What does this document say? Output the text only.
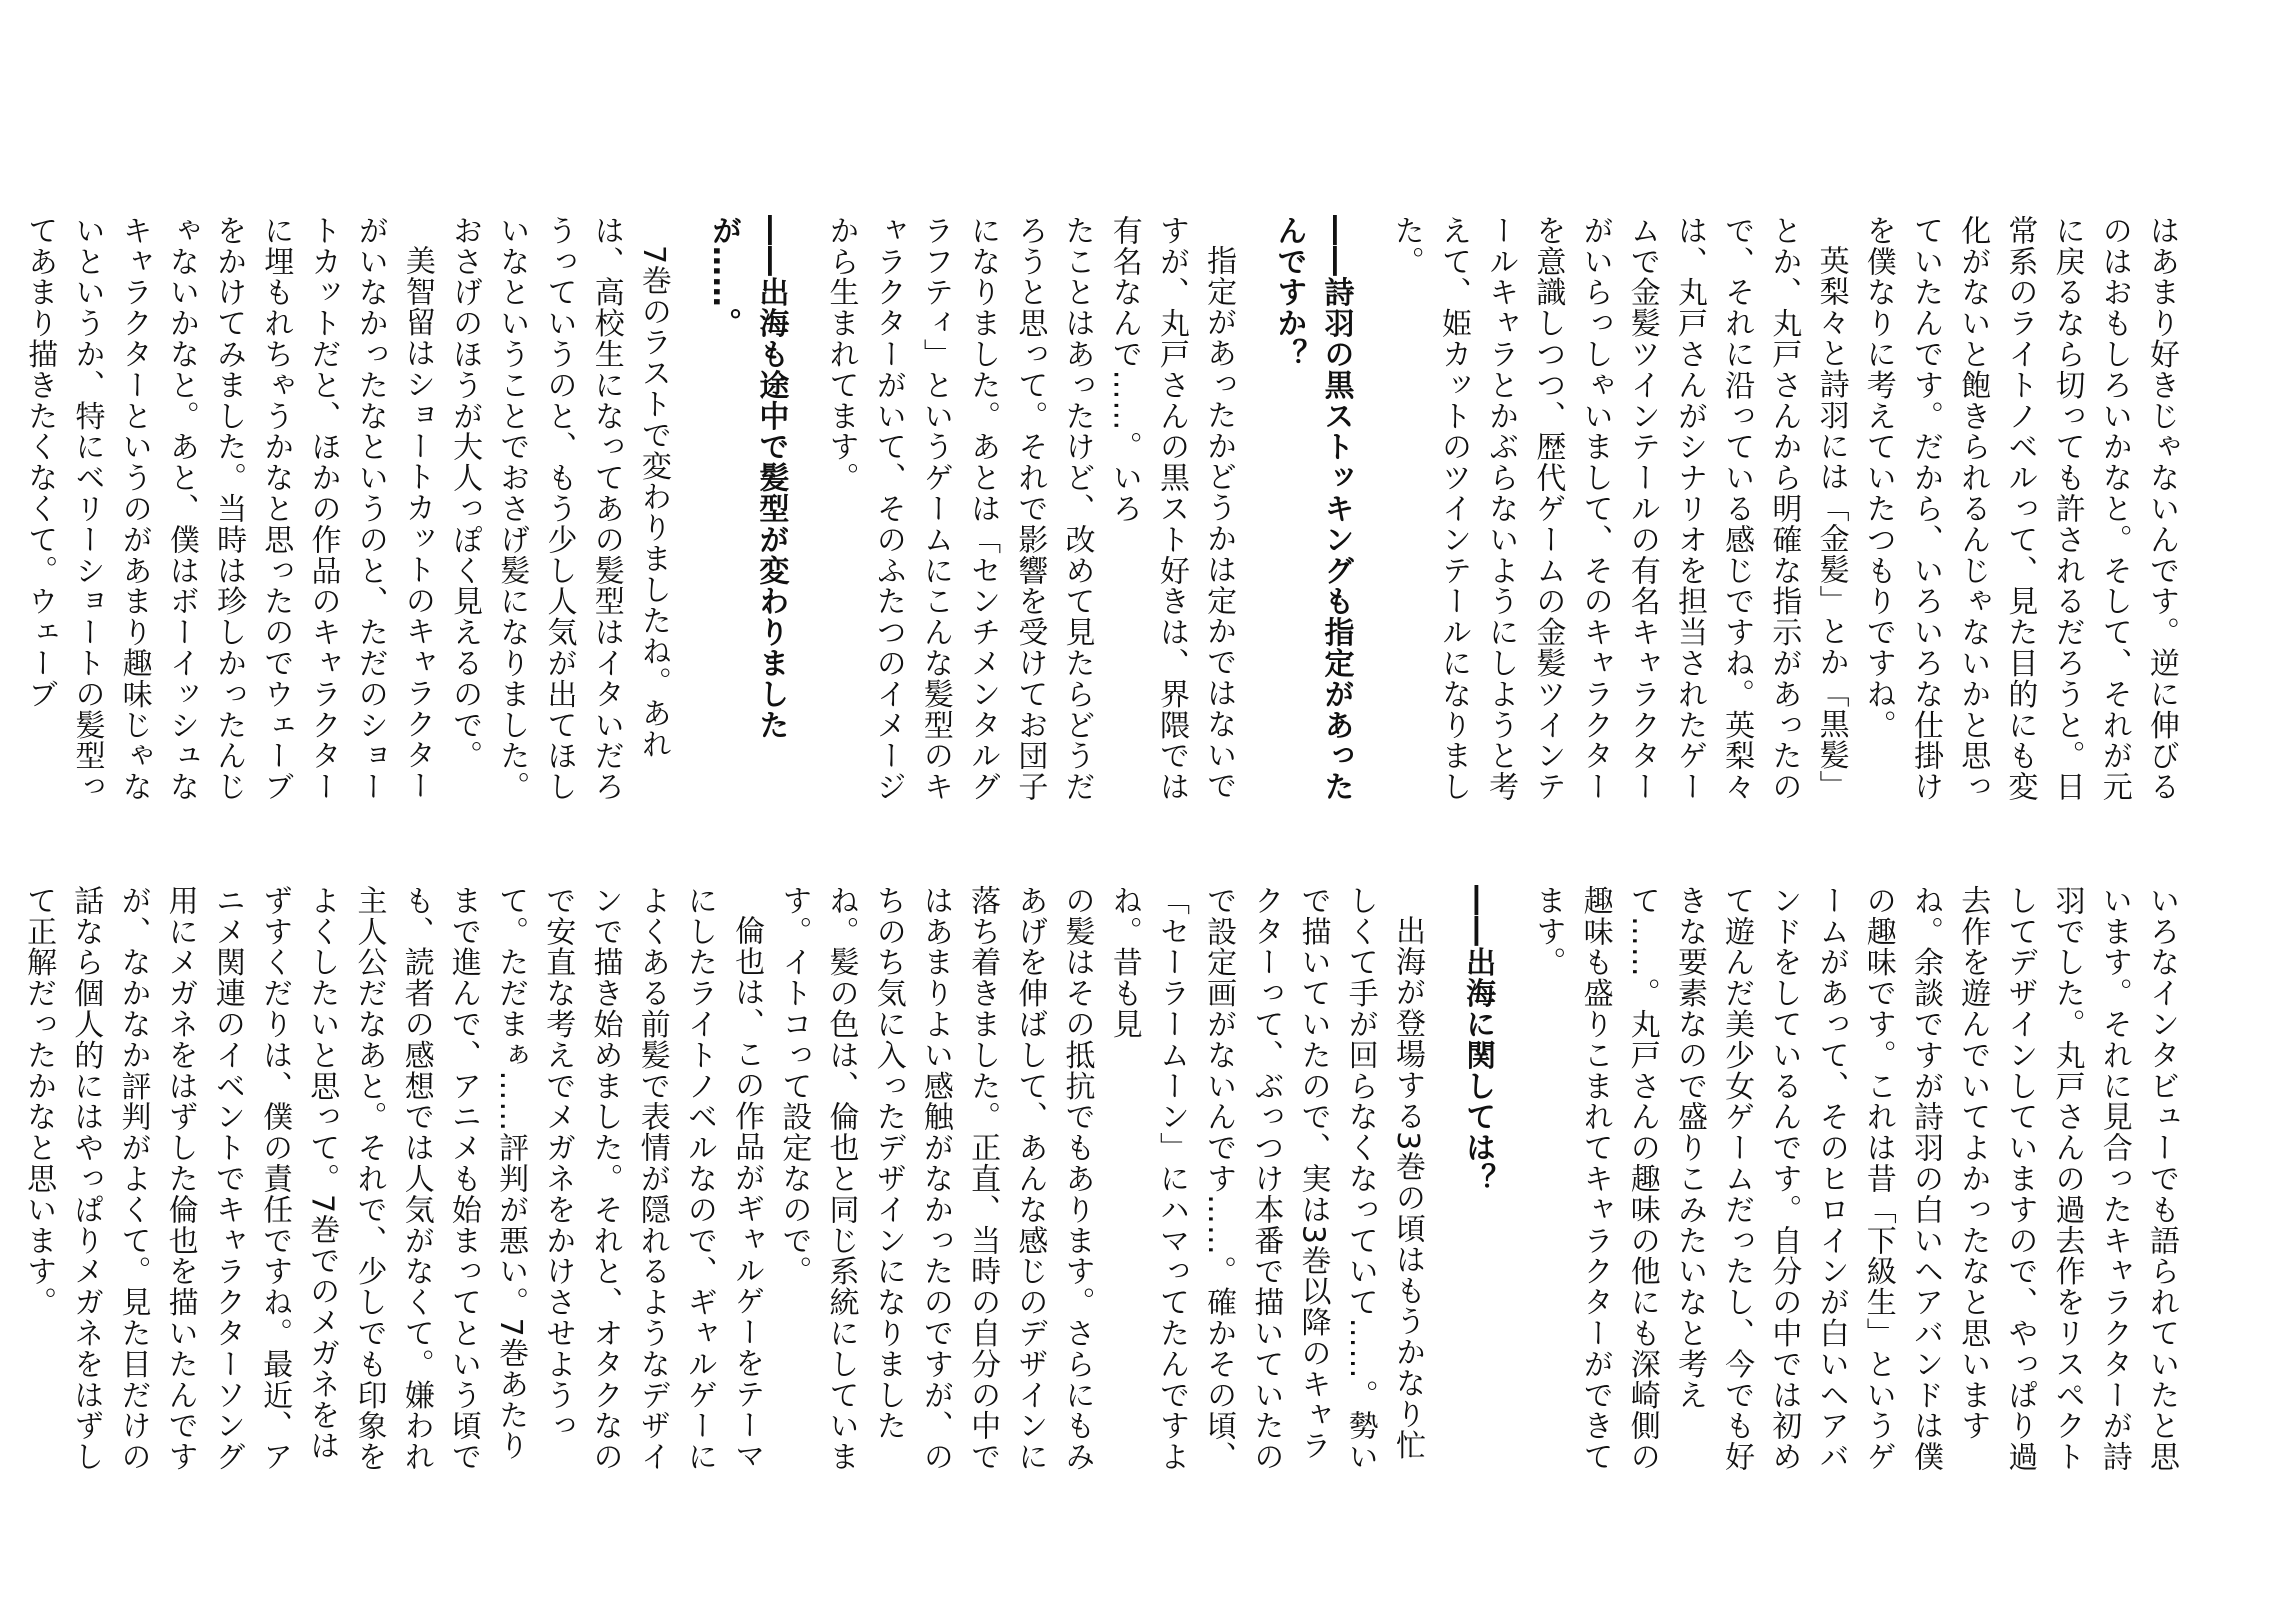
はあまり好きじゃないんです。逆に伸びるのはおもしろいかなと。そして、それが元に戻るなら切っても許されるだろうと。日常系のライトノベルって、見た目的にも変化がないと飽きられるんじゃないかと思っていたんです。だから、いろいろな仕掛けを僕なりに考えていたつもりですね。

英梨々と詩羽には「金髪」とか「黒髪」とか、丸戸さんから明確な指示があったので、それに沿っている感じですね。英梨々は、丸戸さんがシナリオを担当されたゲームで金髪ツインテールの有名キャラクターがいらっしゃいまして、そのキャラクターを意識しつつ、歴代ゲームの金髪ツインテールキャラとかぶらないようにしようと考えて、姫カットのツインテールになりました。

――詩羽の黒ストッキングも指定があったんですか？

指定があったかどうかは定かではないですが、丸戸さんの黒スト好きは、界隈では有名なんで……。いろ

たことはあったけど、改めて見たらどうだろうと思って。それで影響を受けてお団子になりました。あとは「センチメンタルグラフティ」というゲームにこんな髪型のキャラクターがいて、そのふたつのイメージから生まれてます。

――出海も途中で髪型が変わりましたが……。

7巻のラストで変わりましたね。あれは、高校生になってあの髪型はイタいだろうっていうのと、もう少し人気が出てほしいなということでおさげ髪になりました。おさげのほうが大人っぽく見えるので。

美智留はショートカットのキャラクターがいなかったなというのと、ただのショートカットだと、ほかの作品のキャラクターに埋もれちゃうかなと思ったのでウェーブをかけてみました。当時は珍しかったんじゃないかなと。あと、僕はボーイッシュなキャラクターというのがあまり趣味じゃないというか、特にベリーショートの髪型ってあまり描きたくなくて。ウェーブ

いろなインタビューでも語られていたと思います。それに見合ったキャラクターが詩羽でした。丸戸さんの過去作をリスペクトしてデザインしていますので、やっぱり過去作を遊んでいてよかったなと思いますね。余談ですが詩羽の白いヘアバンドは僕の趣味です。これは昔「下級生」というゲームがあって、そのヒロインが白いヘアバンドをしているんです。自分の中では初めて遊んだ美少女ゲームだったし、今でも好きな要素なので盛りこみたいなと考えて……。丸戸さんの趣味の他にも深崎側の趣味も盛りこまれてキャラクターができてます。

――出海に関しては？

出海が登場する3巻の頃はもうかなり忙しくて手が回らなくなっていて……。勢いで描いていたので、実は3巻以降のキャラクターって、ぶっつけ本番で描いていたので設定画がないんです……。確かその頃、「セーラームーン」にハマってたんですよね。昔も見

の髪はその抵抗でもあります。さらにもみあげを伸ばして、あんな感じのデザインに落ち着きました。正直、当時の自分の中ではあまりよい感触がなかったのですが、のちのち気に入ったデザインになりましたね。髪の色は、倫也と同じ系統にしています。イトコって設定なので。

倫也は、この作品がギャルゲーをテーマにしたライトノベルなので、ギャルゲーによくある前髪で表情が隠れるようなデザインで描き始めました。それと、オタクなので安直な考えでメガネをかけさせようって。ただまぁ……評判が悪い。7巻あたりまで進んで、アニメも始まってという頃でも、読者の感想では人気がなくて。嫌われ主人公だなあと。それで、少しでも印象をよくしたいと思って。7巻でのメガネをはずすくだりは、僕の責任ですね。最近、アニメ関連のイベントでキャラクターソング用にメガネをはずした倫也を描いたんですが、なかなか評判がよくて。見た目だけの話なら個人的にはやっぱりメガネをはずして正解だったかなと思います。
